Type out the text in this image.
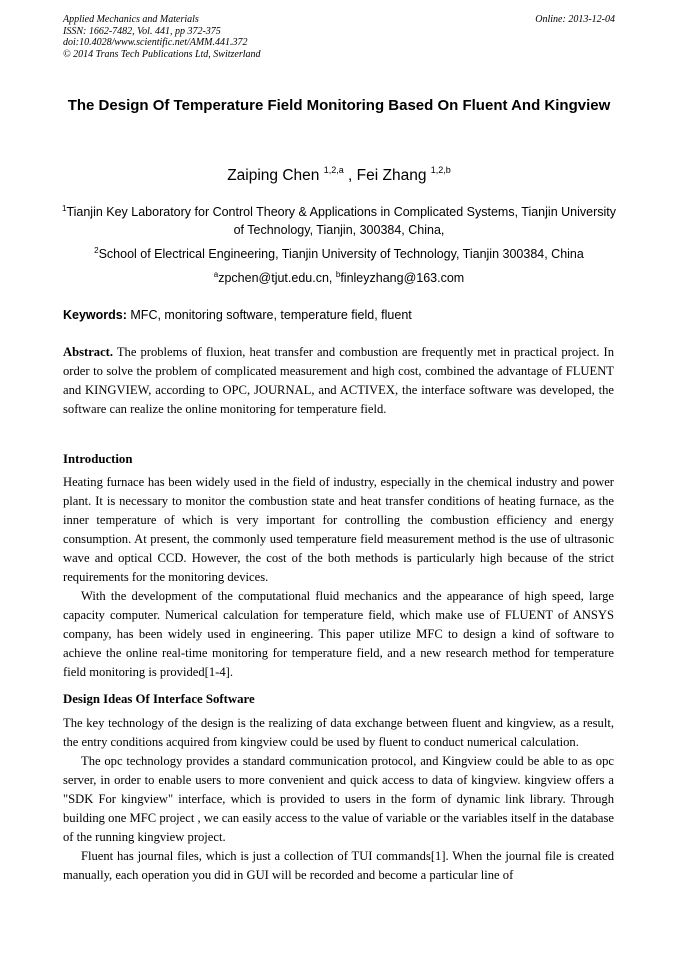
Applied Mechanics and Materials
ISSN: 1662-7482, Vol. 441, pp 372-375
doi:10.4028/www.scientific.net/AMM.441.372
© 2014 Trans Tech Publications Ltd, Switzerland
Online: 2013-12-04
The Design Of Temperature Field Monitoring Based On Fluent And Kingview
Zaiping Chen $^{1,2,a}$ , Fei Zhang $^{1,2,b}$
$^1$Tianjin Key Laboratory for Control Theory & Applications in Complicated Systems, Tianjin University of Technology, Tianjin, 300384, China,
$^2$School of Electrical Engineering, Tianjin University of Technology, Tianjin 300384, China
$^a$zpchen@tjut.edu.cn, $^b$finleyzhang@163.com
Keywords: MFC, monitoring software, temperature field, fluent
Abstract. The problems of fluxion, heat transfer and combustion are frequently met in practical project. In order to solve the problem of complicated measurement and high cost, combined the advantage of FLUENT and KINGVIEW, according to OPC, JOURNAL, and ACTIVEX, the interface software was developed, the software can realize the online monitoring for temperature field.
Introduction

Heating furnace has been widely used in the field of industry, especially in the chemical industry and power plant. It is necessary to monitor the combustion state and heat transfer conditions of heating furnace, as the inner temperature of which is very important for controlling the combustion efficiency and energy consumption. At present, the commonly used temperature field measurement method is the use of ultrasonic wave and optical CCD. However, the cost of the both methods is particularly high because of the strict requirements for the monitoring devices.

With the development of the computational fluid mechanics and the appearance of high speed, large capacity computer. Numerical calculation for temperature field, which make use of FLUENT of ANSYS company, has been widely used in engineering. This paper utilize MFC to design a kind of software to achieve the online real-time monitoring for temperature field, and a new research method for temperature field monitoring is provided[1-4].

Design Ideas Of Interface Software

The key technology of the design is the realizing of data exchange between fluent and kingview, as a result, the entry conditions acquired from kingview could be used by fluent to conduct numerical calculation.

The opc technology provides a standard communication protocol, and Kingview could be able to as opc server, in order to enable users to more convenient and quick access to data of kingview. kingview offers a "SDK For kingview" interface, which is provided to users in the form of dynamic link library. Through building one MFC project , we can easily access to the value of variable or the variables itself in the database of the running kingview project.

Fluent has journal files, which is just a collection of TUI commands[1]. When the journal file is created manually, each operation you did in GUI will be recorded and become a particular line of
